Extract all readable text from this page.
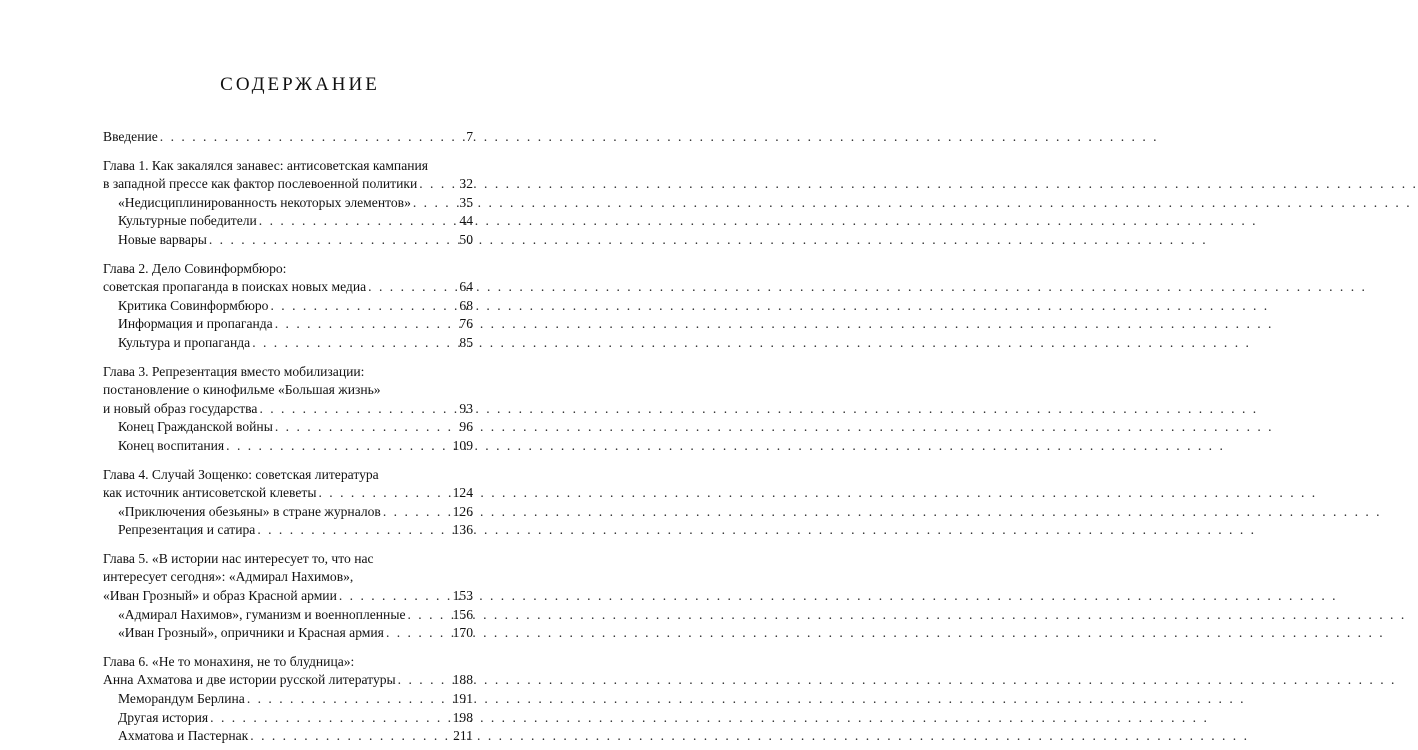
СОДЕРЖАНИЕ
Введение . . .	7
Глава 1. Как закалялся занавес: антисоветская кампания
в западной прессе как фактор послевоенной политики . . .	32
«Недисциплинированность некоторых элементов» . . .	35
Культурные победители . . .	44
Новые варвары . . .	50
Глава 2. Дело Совинформбюро:
советская пропаганда в поисках новых медиа . . .	64
Критика Совинформбюро . . .	68
Информация и пропаганда . . .	76
Культура и пропаганда . . .	85
Глава 3. Репрезентация вместо мобилизации:
постановление о кинофильме «Большая жизнь»
и новый образ государства . . .	93
Конец Гражданской войны . . .	96
Конец воспитания . . .	109
Глава 4. Случай Зощенко: советская литература
как источник антисоветской клеветы . . .	124
«Приключения обезьяны» в стране журналов . . .	126
Репрезентация и сатира . . .	136
Глава 5. «В истории нас интересует то, что нас
интересует сегодня»: «Адмирал Нахимов»,
«Иван Грозный» и образ Красной армии . . .	153
«Адмирал Нахимов», гуманизм и военнопленные . . .	156
«Иван Грозный», опричники и Красная армия . . .	170
Глава 6. «Не то монахиня, не то блудница»:
Анна Ахматова и две истории русской литературы . . .	188
Меморандум Берлина . . .	191
Другая история . . .	198
Ахматова и Пастернак . . .	211
